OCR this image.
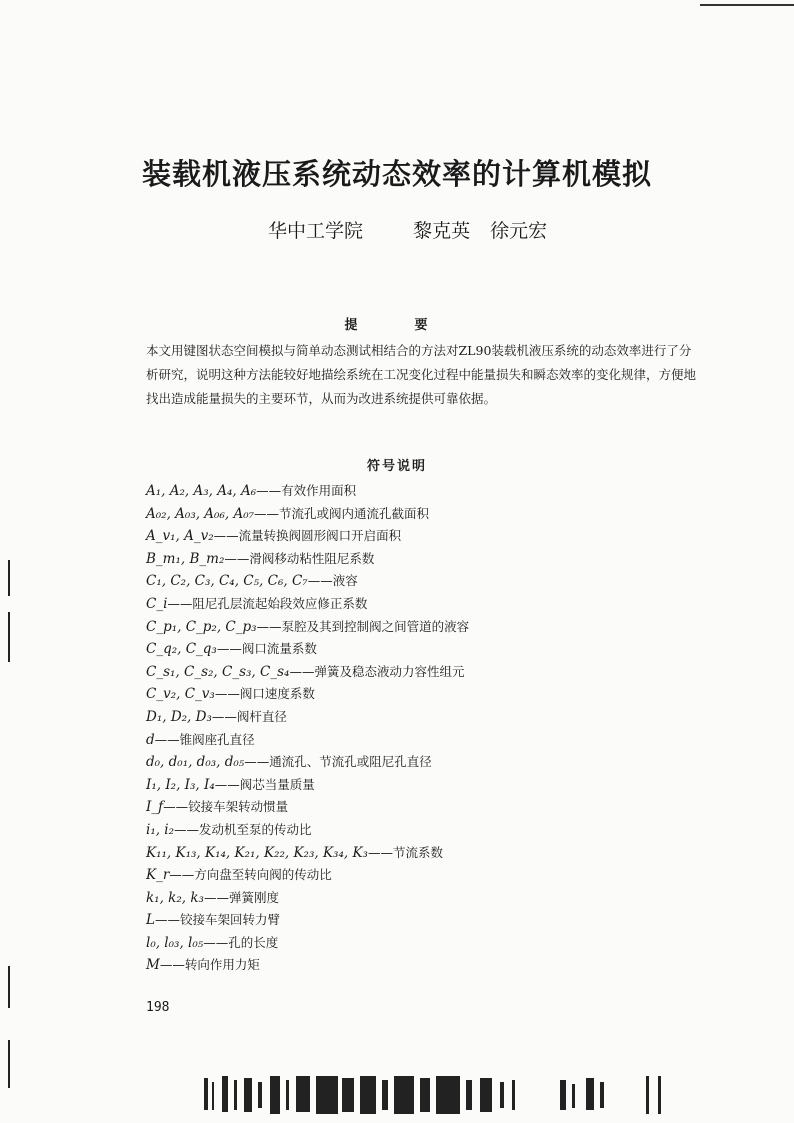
装载机液压系统动态效率的计算机模拟
华中工学院	黎克英 徐元宏
提　要

本文用键图状态空间模拟与简单动态测试相结合的方法对ZL90装载机液压系统的动态效率进行了分析研究，说明这种方法能较好地描绘系统在工况变化过程中能量损失和瞬态效率的变化规律，方便地找出造成能量损失的主要环节，从而为改进系统提供可靠依据。

符号说明
A₁, A₂, A₃, A₄, A₆——有效作用面积
A₀₂, A₀₃, A₀₆, A₀₇——节流孔或阀内通流孔截面积
A_v₁, A_v₂——流量转换阀圆形阀口开启面积
B_m₁, B_m₂——滑阀移动粘性阻尼系数
C₁, C₂, C₃, C₄, C₅, C₆, C₇——液容
C_i——阻尼孔层流起始段效应修正系数
C_p₁, C_p₂, C_p₃——泵腔及其到控制阀之间管道的液容
C_q₂, C_q₃——阀口流量系数
C_s₁, C_s₂, C_s₃, C_s₄——弹簧及稳态液动力容性组元
C_v₂, C_v₃——阀口速度系数
D₁, D₂, D₃——阀杆直径
d——锥阀座孔直径
d₀, d₀₁, d₀₃, d₀₅——通流孔、节流孔或阻尼孔直径
I₁, I₂, I₃, I₄——阀芯当量质量
I_f——铰接车架转动惯量
i₁, i₂——发动机至泵的传动比
K₁₁, K₁₃, K₁₄, K₂₁, K₂₂, K₂₃, K₃₄, K₃——节流系数
K_r——方向盘至转向阀的传动比
k₁, k₂, k₃——弹簧刚度
L——铰接车架回转力臂
l₀, l₀₃, l₀₅——孔的长度
M——转向作用力矩
198
